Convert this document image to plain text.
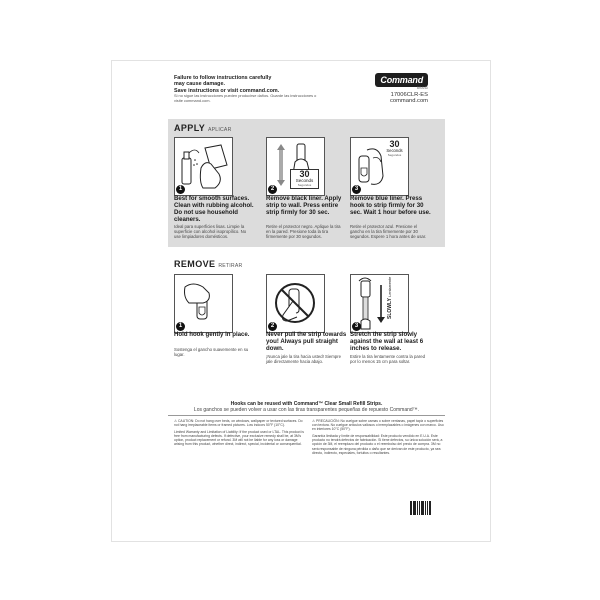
Failure to follow instructions carefully
may cause damage.
Save instructions or visit command.com.
Si no sigue las instrucciones pueden producirse daños. Guarde las instrucciones o visite command.com.
Command
BRAND
17006CLR-ES
command.com
APPLY APLICAR
1
30
Seconds
Segundos
2
30
Seconds
Segundos
3
Best for smooth surfaces. Clean with rubbing alcohol. Do not use household cleaners.
Ideal para superficies lisas. Limpie la superficie con alcohol isopropílico. No use limpiadores domésticos.
Remove black liner. Apply strip to wall. Press entire strip firmly for 30 sec.
Retire el protector negro. Aplique la tira en la pared. Presione toda la tira firmemente por 30 segundos.
Remove blue liner. Press hook to strip firmly for 30 sec. Wait 1 hour before use.
Retire el protector azul. Presione el gancho en la tira firmemente por 30 segundos. Espere 1 hora antes de usar.
REMOVE RETIRAR
1	2
SLOWLY Lentamente
3
Hold hook gently in place.
Sostenga el gancho suavemente en su lugar.
Never pull the strip towards you! Always pull straight down.
¡Nunca jale la tira hacia usted! Siempre jale directamente hacia abajo.
Stretch the strip slowly against the wall at least 6 inches to release.
Estire la tira lentamente contra la pared por lo menos 15 cm para soltar.
Hooks can be reused with Command™ Clear Small Refill Strips.
Los ganchos se pueden volver a usar con las tiras transparentes pequeñas de repuesto Command™.
⚠ CAUTION: Do not hang over beds, on windows, wallpaper or textured surfaces. Do not hang irreplaceable items or framed pictures. Low indoors 50°F (10°C).
Limited Warranty and Limitation of Liability: If the product used or LTAL. This product is free from manufacturing defects. If defective, your exclusive remedy shall be, at 3M's option, product replacement or refund. 3M will not be liable for any loss or damage arising from this product, whether direct, indirect, special, incidental or consequential.
⚠ PRECAUCIÓN: No cuelgue sobre camas o sobre ventanas, papel tapiz o superficies con textura. No cuelgue artículos valiosos o irremplazables o imágenes con marco. Uso en interiores 10°C (50°F).
Garantía limitada y límite de responsabilidad: Este producto vendido en E.U.A. Este producto no tendrá defectos de fabricación. Si tiene defectos, su única solución será, a opción de 3M, el reemplazo del producto o el reembolso del precio de compra. 3M no será responsable de ninguna pérdida o daño que se derivan de este producto, ya sea directo, indirecto, especiales, fortuitos o resultantes.
